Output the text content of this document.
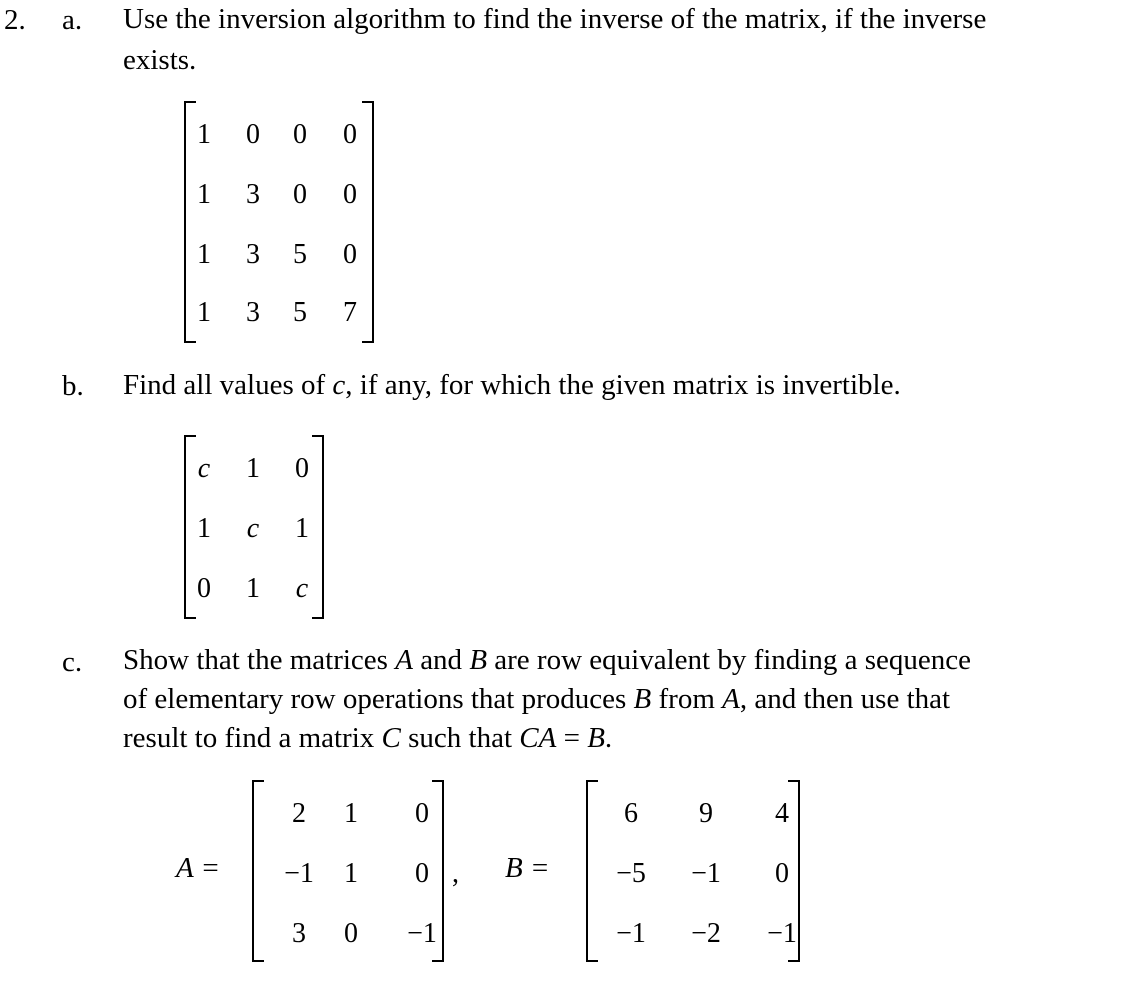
2. a. Use the inversion algorithm to find the inverse of the matrix, if the inverse
exists.
1	0	0	0
1	3	0	0
1	3	5	0
1	3	5	7
b. Find all values of c, if any, for which the given matrix is invertible.
c	1	0
1	c	1
0	1	c
c. Show that the matrices A and B are row equivalent by finding a sequence
of elementary row operations that produces B from A, and then use that
result to find a matrix C such that CA = B.
A =
2	1	0
−1	1	0
3	0	−1
, B =
6	9	4
−5 −1	0
−1 −2 −1
